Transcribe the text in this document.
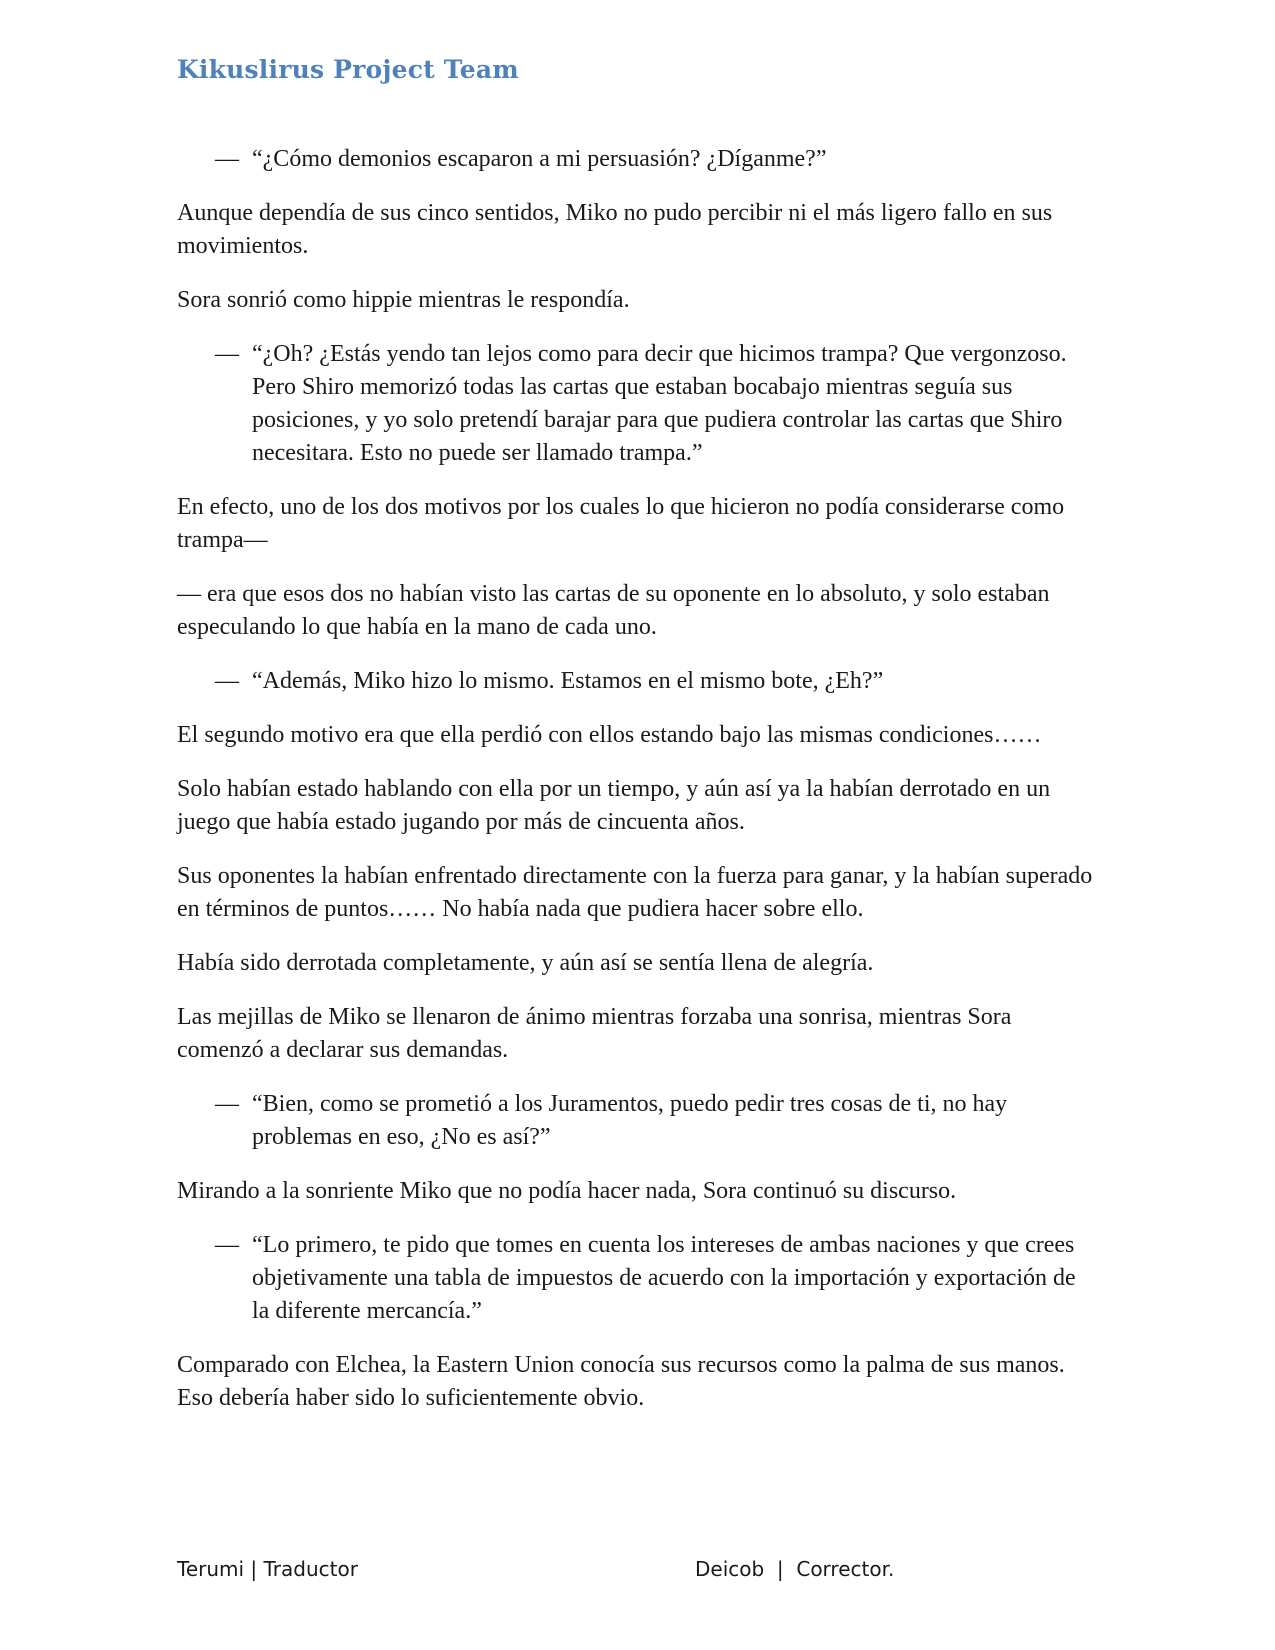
Kikuslirus Project Team
— “¿Cómo demonios escaparon a mi persuasión? ¿Díganme?”

Aunque dependía de sus cinco sentidos, Miko no pudo percibir ni el más ligero fallo en sus movimientos.

Sora sonrió como hippie mientras le respondía.

— “¿Oh? ¿Estás yendo tan lejos como para decir que hicimos trampa? Que vergonzoso. Pero Shiro memorizó todas las cartas que estaban bocabajo mientras seguía sus posiciones, y yo solo pretendí barajar para que pudiera controlar las cartas que Shiro necesitara. Esto no puede ser llamado trampa.”

En efecto, uno de los dos motivos por los cuales lo que hicieron no podía considerarse como trampa—

— era que esos dos no habían visto las cartas de su oponente en lo absoluto, y solo estaban especulando lo que había en la mano de cada uno.

— “Además, Miko hizo lo mismo. Estamos en el mismo bote, ¿Eh?”

El segundo motivo era que ella perdió con ellos estando bajo las mismas condiciones……

Solo habían estado hablando con ella por un tiempo, y aún así ya la habían derrotado en un juego que había estado jugando por más de cincuenta años.

Sus oponentes la habían enfrentado directamente con la fuerza para ganar, y la habían superado en términos de puntos…… No había nada que pudiera hacer sobre ello.

Había sido derrotada completamente, y aún así se sentía llena de alegría.

Las mejillas de Miko se llenaron de ánimo mientras forzaba una sonrisa, mientras Sora comenzó a declarar sus demandas.

— “Bien, como se prometió a los Juramentos, puedo pedir tres cosas de ti, no hay problemas en eso, ¿No es así?”

Mirando a la sonriente Miko que no podía hacer nada, Sora continuó su discurso.

— “Lo primero, te pido que tomes en cuenta los intereses de ambas naciones y que crees objetivamente una tabla de impuestos de acuerdo con la importación y exportación de la diferente mercancía.”

Comparado con Elchea, la Eastern Union conocía sus recursos como la palma de sus manos. Eso debería haber sido lo suficientemente obvio.

Terumi | Traductor	Deicob  |  Corrector.
